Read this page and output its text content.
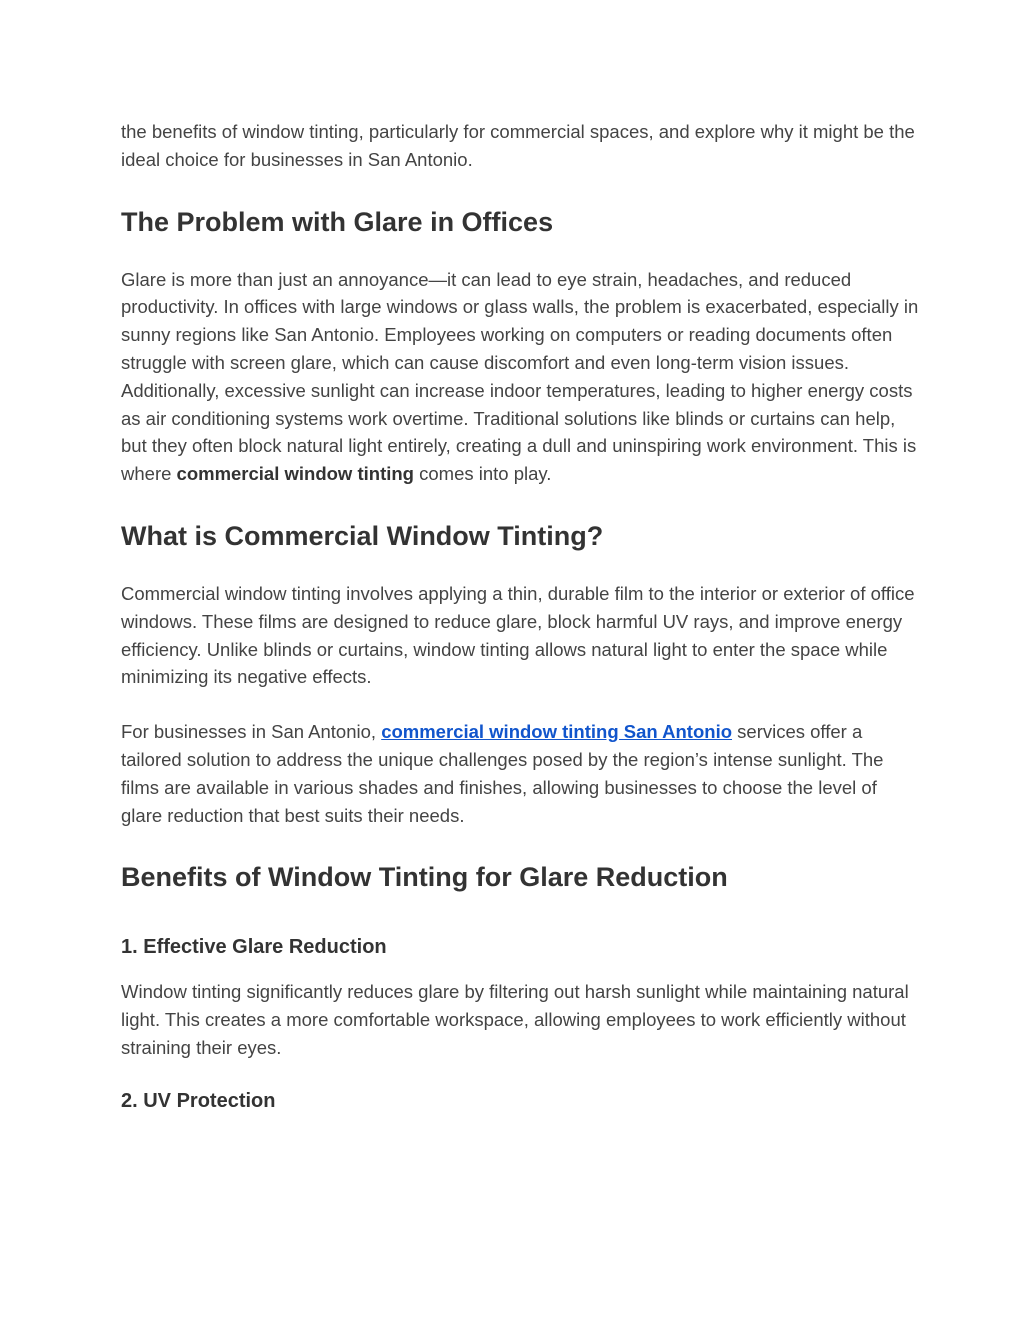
the benefits of window tinting, particularly for commercial spaces, and explore why it might be the ideal choice for businesses in San Antonio.

The Problem with Glare in Offices

Glare is more than just an annoyance—it can lead to eye strain, headaches, and reduced productivity. In offices with large windows or glass walls, the problem is exacerbated, especially in sunny regions like San Antonio. Employees working on computers or reading documents often struggle with screen glare, which can cause discomfort and even long-term vision issues. Additionally, excessive sunlight can increase indoor temperatures, leading to higher energy costs as air conditioning systems work overtime. Traditional solutions like blinds or curtains can help, but they often block natural light entirely, creating a dull and uninspiring work environment. This is where commercial window tinting comes into play.

What is Commercial Window Tinting?

Commercial window tinting involves applying a thin, durable film to the interior or exterior of office windows. These films are designed to reduce glare, block harmful UV rays, and improve energy efficiency. Unlike blinds or curtains, window tinting allows natural light to enter the space while minimizing its negative effects.

For businesses in San Antonio, commercial window tinting San Antonio services offer a tailored solution to address the unique challenges posed by the region’s intense sunlight. The films are available in various shades and finishes, allowing businesses to choose the level of glare reduction that best suits their needs.

Benefits of Window Tinting for Glare Reduction
1. Effective Glare Reduction

Window tinting significantly reduces glare by filtering out harsh sunlight while maintaining natural light. This creates a more comfortable workspace, allowing employees to work efficiently without straining their eyes.

2. UV Protection
